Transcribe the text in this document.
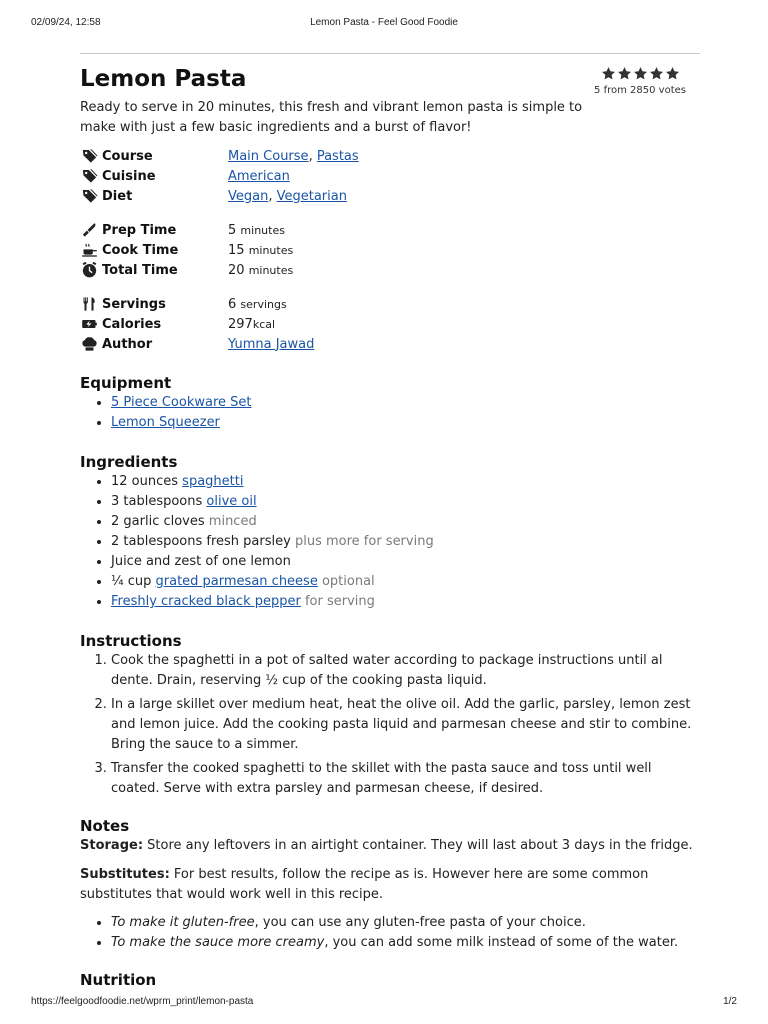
02/09/24, 12:58	Lemon Pasta - Feel Good Foodie
Lemon Pasta	5 from 2850 votes

Ready to serve in 20 minutes, this fresh and vibrant lemon pasta is simple to make with just a few basic ingredients and a burst of flavor!

Course	Main Course, Pastas
Cuisine	American
Diet	Vegan, Vegetarian
Prep Time	5 minutes
Cook Time	15 minutes
Total Time	20 minutes
Servings	6 servings
Calories	297kcal
Author	Yumna Jawad
Equipment
• 5 Piece Cookware Set
• Lemon Squeezer
Ingredients
• 12 ounces spaghetti
• 3 tablespoons olive oil
• 2 garlic cloves minced
• 2 tablespoons fresh parsley plus more for serving
• Juice and zest of one lemon
• ¼ cup grated parmesan cheese optional
• Freshly cracked black pepper for serving
Instructions
1. Cook the spaghetti in a pot of salted water according to package instructions until al dente. Drain, reserving ½ cup of the cooking pasta liquid.
2. In a large skillet over medium heat, heat the olive oil. Add the garlic, parsley, lemon zest and lemon juice. Add the cooking pasta liquid and parmesan cheese and stir to combine. Bring the sauce to a simmer.
3. Transfer the cooked spaghetti to the skillet with the pasta sauce and toss until well coated. Serve with extra parsley and parmesan cheese, if desired.
Notes

Storage: Store any leftovers in an airtight container. They will last about 3 days in the fridge.

Substitutes: For best results, follow the recipe as is. However here are some common substitutes that would work well in this recipe.

• To make it gluten-free, you can use any gluten-free pasta of your choice.
• To make the sauce more creamy, you can add some milk instead of some of the water.
Nutrition
https://feelgoodfoodie.net/wprm_print/lemon-pasta	1/2
